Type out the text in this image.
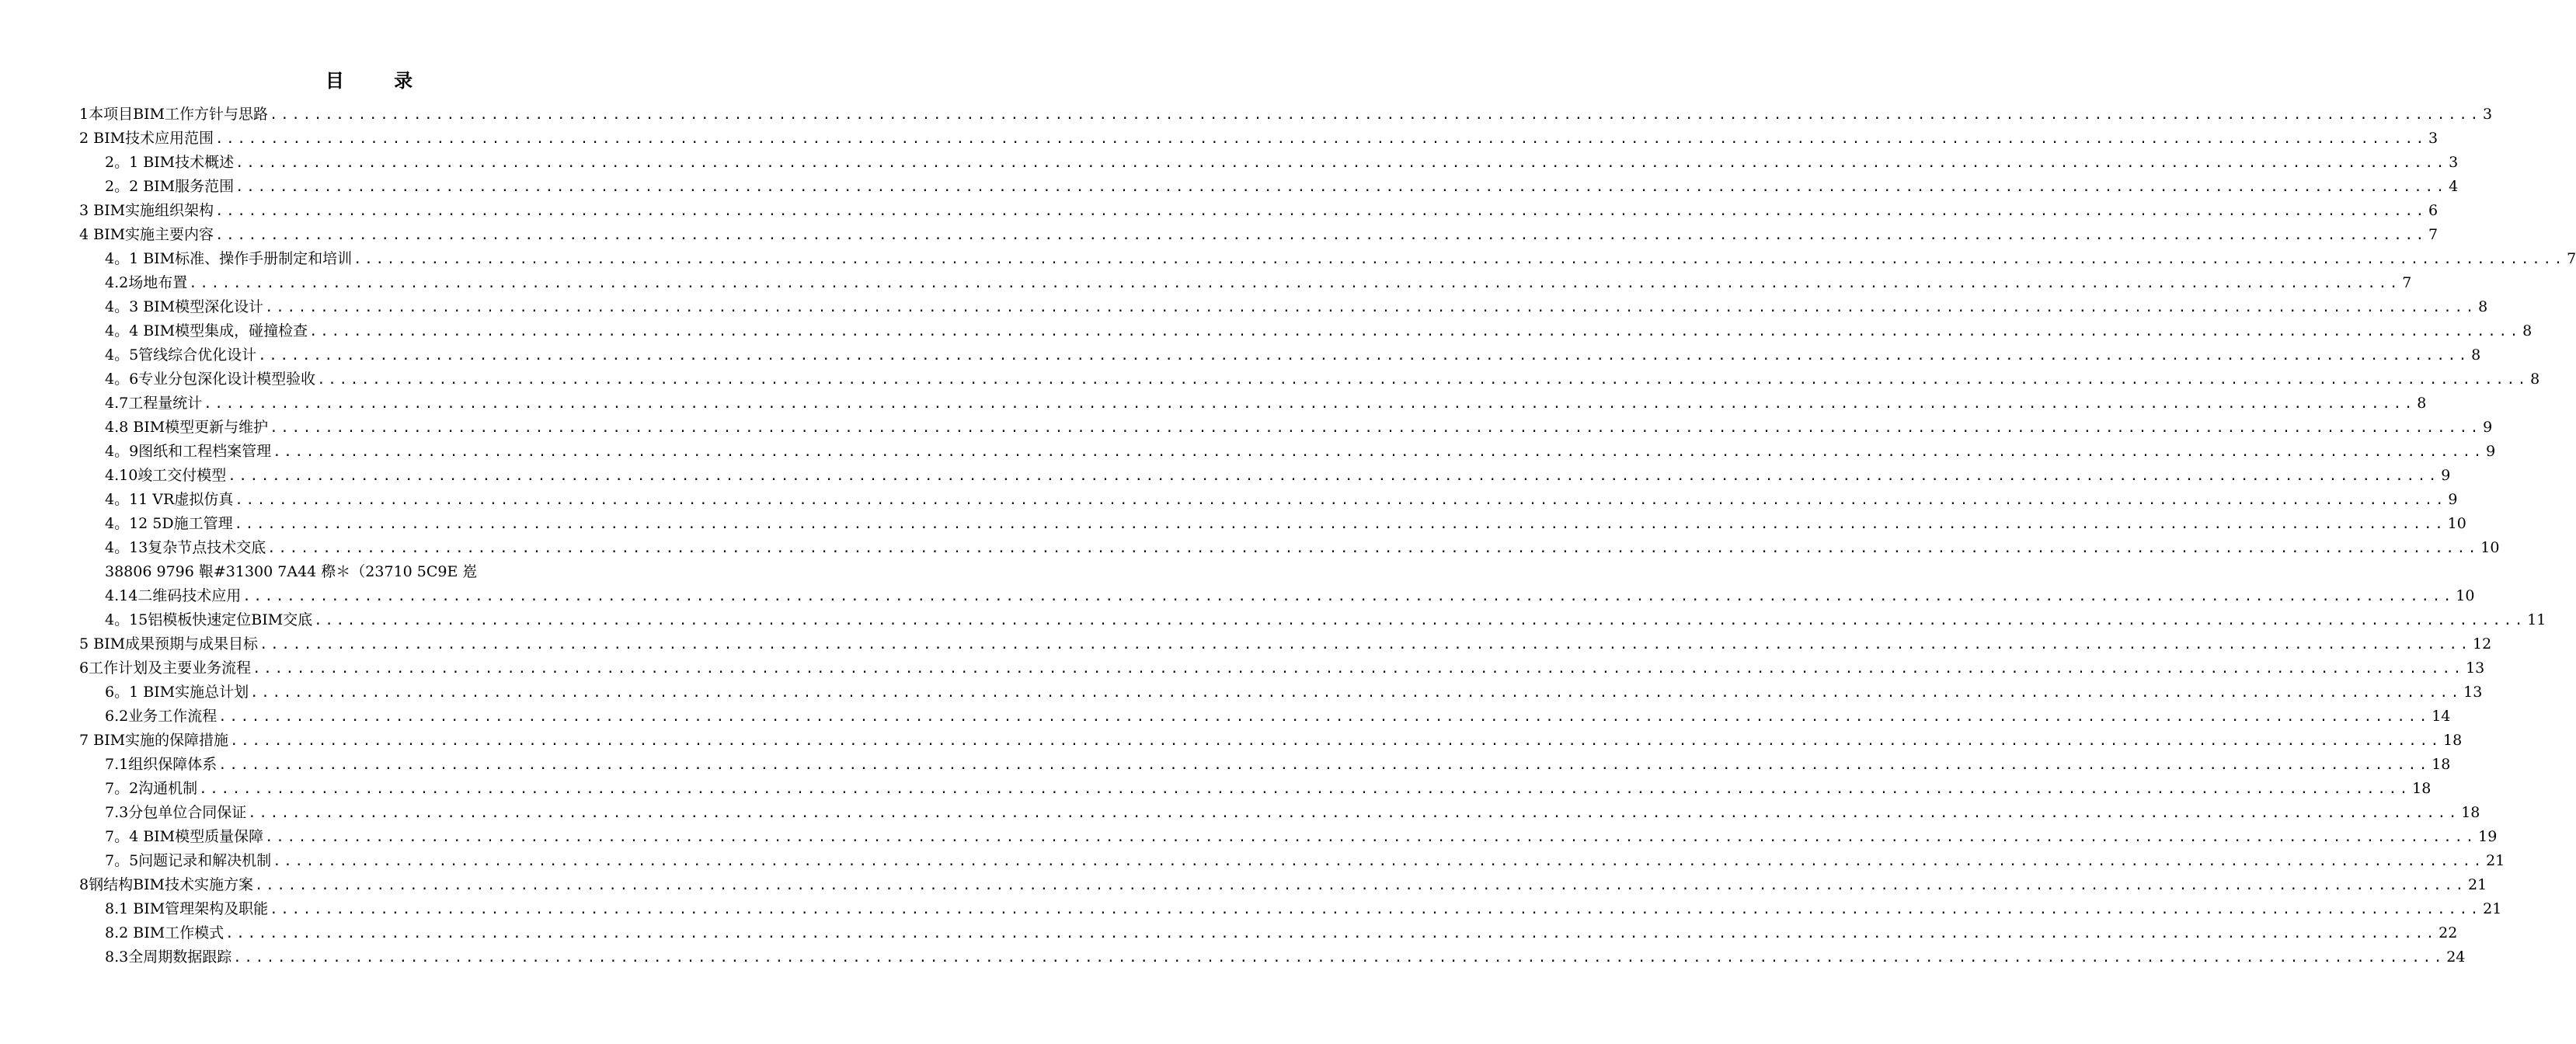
目 录
1本项目BIM工作方针与思路 ........................................................................................................................................................................................................ 3
2 BIM技术应用范围 ........................................................................................................................................................................................................ 3
2。1 BIM技术概述 ........................................................................................................................................................................................................ 3
2。2 BIM服务范围 ........................................................................................................................................................................................................ 4
3 BIM实施组织架构 ........................................................................................................................................................................................................ 6
4 BIM实施主要内容 ........................................................................................................................................................................................................ 7
4。1 BIM标准、操作手册制定和培训 ........................................................................................................................................................................................................ 7
4.2场地布置 ........................................................................................................................................................................................................ 7
4。3 BIM模型深化设计 ........................................................................................................................................................................................................ 8
4。4 BIM模型集成，碰撞检查 ........................................................................................................................................................................................................ 8
4。5管线综合优化设计 ........................................................................................................................................................................................................ 8
4。6专业分包深化设计模型验收 ........................................................................................................................................................................................................ 8
4.7工程量统计 ........................................................................................................................................................................................................ 8
4.8 BIM模型更新与维护 ........................................................................................................................................................................................................ 9
4。9图纸和工程档案管理 ........................................................................................................................................................................................................ 9
4.10竣工交付模型 ........................................................................................................................................................................................................ 9
4。11 VR虚拟仿真 ........................................................................................................................................................................................................ 9
4。12 5D施工管理 ........................................................................................................................................................................................................ 10
4。13复杂节点技术交底 ........................................................................................................................................................................................................ 10
38806 9796 鞎#31300 7A44 穄＊（23710 5C9E 峞
4.14二维码技术应用 ........................................................................................................................................................................................................ 10
4。15铝模板快速定位BIM交底 ........................................................................................................................................................................................................ 11
5 BIM成果预期与成果目标 ........................................................................................................................................................................................................ 12
6工作计划及主要业务流程 ........................................................................................................................................................................................................ 13
6。1 BIM实施总计划 ........................................................................................................................................................................................................ 13
6.2业务工作流程 ........................................................................................................................................................................................................ 14
7 BIM实施的保障措施 ........................................................................................................................................................................................................ 18
7.1组织保障体系 ........................................................................................................................................................................................................ 18
7。2沟通机制 ........................................................................................................................................................................................................ 18
7.3分包单位合同保证 ........................................................................................................................................................................................................ 18
7。4 BIM模型质量保障 ........................................................................................................................................................................................................ 19
7。5问题记录和解决机制 ........................................................................................................................................................................................................ 21
8钢结构BIM技术实施方案 ........................................................................................................................................................................................................ 21
8.1 BIM管理架构及职能 ........................................................................................................................................................................................................ 21
8.2 BIM工作模式 ........................................................................................................................................................................................................ 22
8.3全周期数据跟踪 ........................................................................................................................................................................................................ 24
